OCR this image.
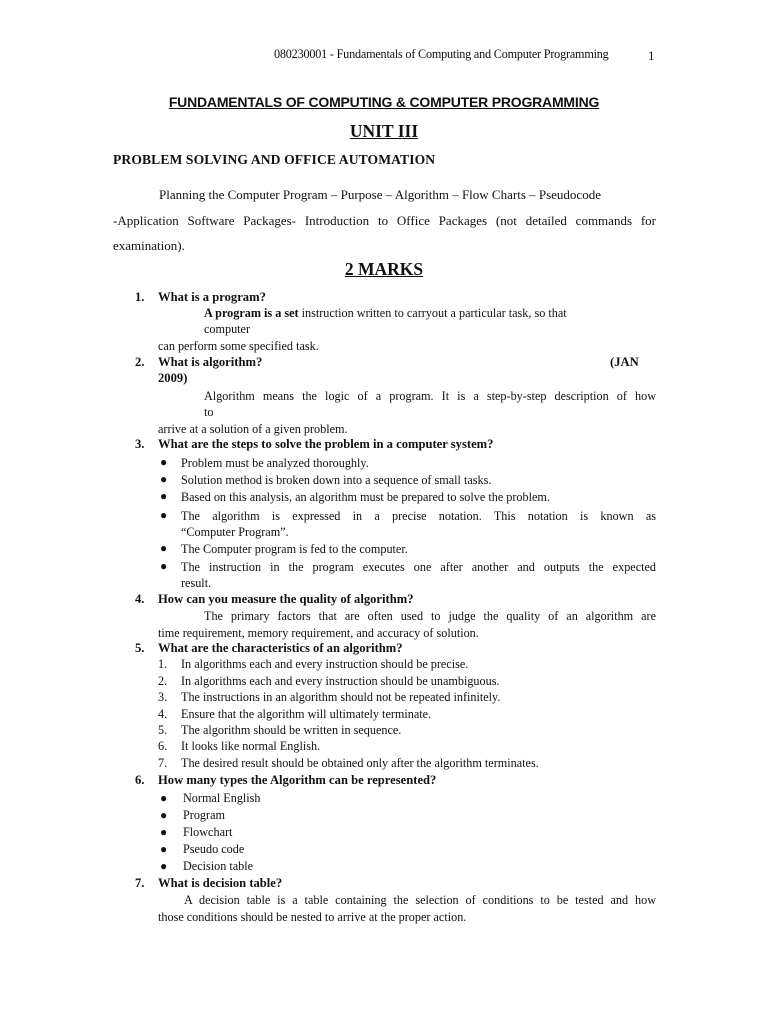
080230001 - Fundamentals of Computing and Computer Programming	1
FUNDAMENTALS OF COMPUTING & COMPUTER PROGRAMMING
UNIT III
PROBLEM SOLVING AND OFFICE AUTOMATION
Planning the Computer Program – Purpose – Algorithm – Flow Charts – Pseudocode
-Application Software Packages- Introduction to Office Packages (not detailed commands for
examination).
2 MARKS
1. What is a program?
A program is a set instruction written to carryout a particular task, so that
computer
can perform some specified task.
2. What is algorithm?	(JAN
2009)
Algorithm means the logic of a program. It is a step-by-step description of how
to
arrive at a solution of a given problem.
3. What are the steps to solve the problem in a computer system?
● Problem must be analyzed thoroughly.
● Solution method is broken down into a sequence of small tasks.
● Based on this analysis, an algorithm must be prepared to solve the problem.
● The algorithm is expressed in a precise notation. This notation is known as
“Computer Program”.
● The Computer program is fed to the computer.
● The instruction in the program executes one after another and outputs the expected
result.
4. How can you measure the quality of algorithm?
The primary factors that are often used to judge the quality of an algorithm are
time requirement, memory requirement, and accuracy of solution.
5. What are the characteristics of an algorithm?
1. In algorithms each and every instruction should be precise.
2. In algorithms each and every instruction should be unambiguous.
3. The instructions in an algorithm should not be repeated infinitely.
4. Ensure that the algorithm will ultimately terminate.
5. The algorithm should be written in sequence.
6. It looks like normal English.
7. The desired result should be obtained only after the algorithm terminates.
6. How many types the Algorithm can be represented?
● Normal English
● Program
● Flowchart
● Pseudo code
● Decision table
7. What is decision table?
A decision table is a table containing the selection of conditions to be tested and how
those conditions should be nested to arrive at the proper action.
